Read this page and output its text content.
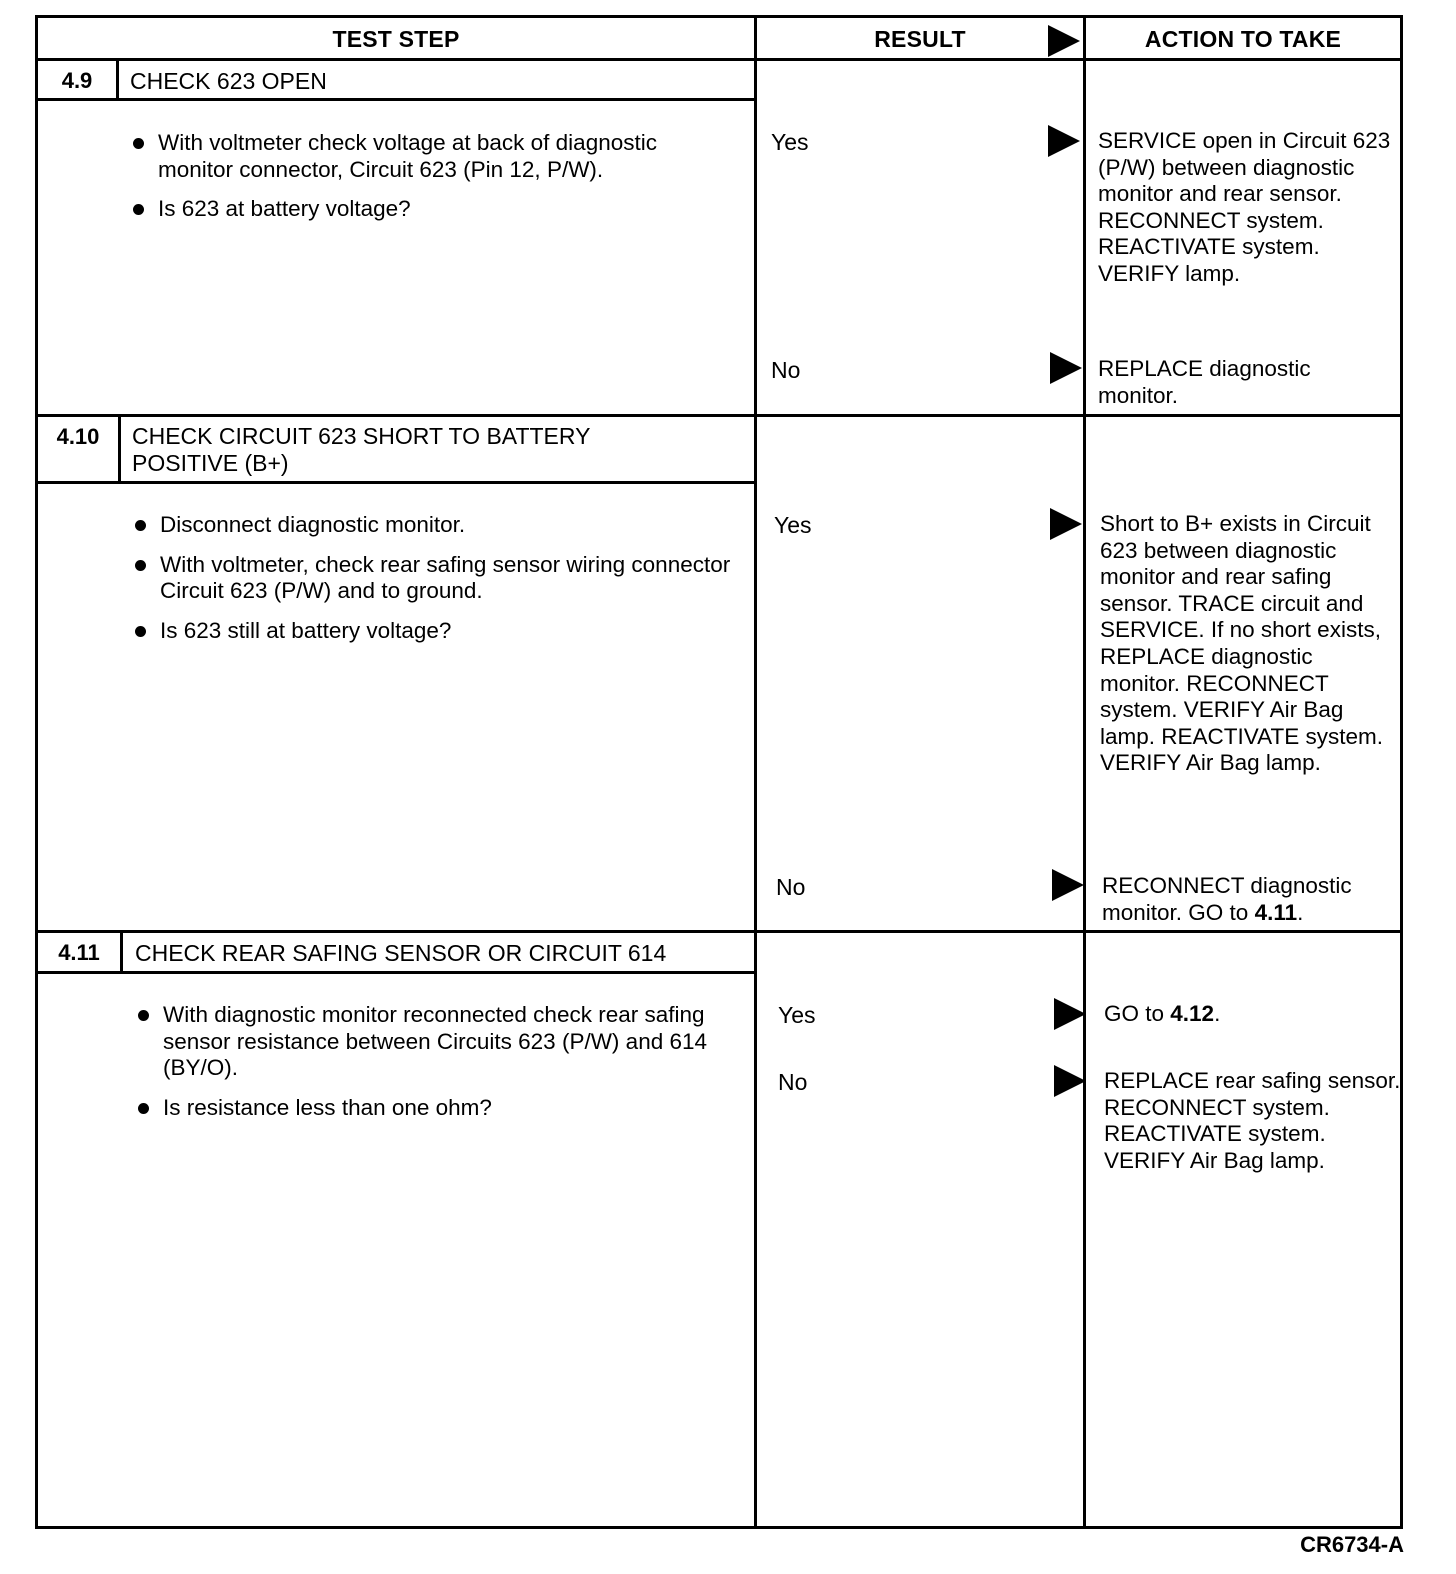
TEST STEP	RESULT	ACTION TO TAKE
4.9	CHECK 623 OPEN
With voltmeter check voltage at back of diagnostic monitor connector, Circuit 623 (Pin 12, P/W).
Is 623 at battery voltage?
Yes	SERVICE open in Circuit 623 (P/W) between diagnostic monitor and rear sensor. RECONNECT system. REACTIVATE system. VERIFY lamp.
No	REPLACE diagnostic monitor.
4.10	CHECK CIRCUIT 623 SHORT TO BATTERY POSITIVE (B+)
Disconnect diagnostic monitor.
With voltmeter, check rear safing sensor wiring connector Circuit 623 (P/W) and to ground.
Is 623 still at battery voltage?
Yes	Short to B+ exists in Circuit 623 between diagnostic monitor and rear safing sensor. TRACE circuit and SERVICE. If no short exists, REPLACE diagnostic monitor. RECONNECT system. VERIFY Air Bag lamp. REACTIVATE system. VERIFY Air Bag lamp.
No	RECONNECT diagnostic monitor. GO to 4.11.
4.11	CHECK REAR SAFING SENSOR OR CIRCUIT 614
With diagnostic monitor reconnected check rear safing sensor resistance between Circuits 623 (P/W) and 614 (BY/O).
Is resistance less than one ohm?
Yes	GO to 4.12.
No	REPLACE rear safing sensor. RECONNECT system. REACTIVATE system. VERIFY Air Bag lamp.
CR6734-A
